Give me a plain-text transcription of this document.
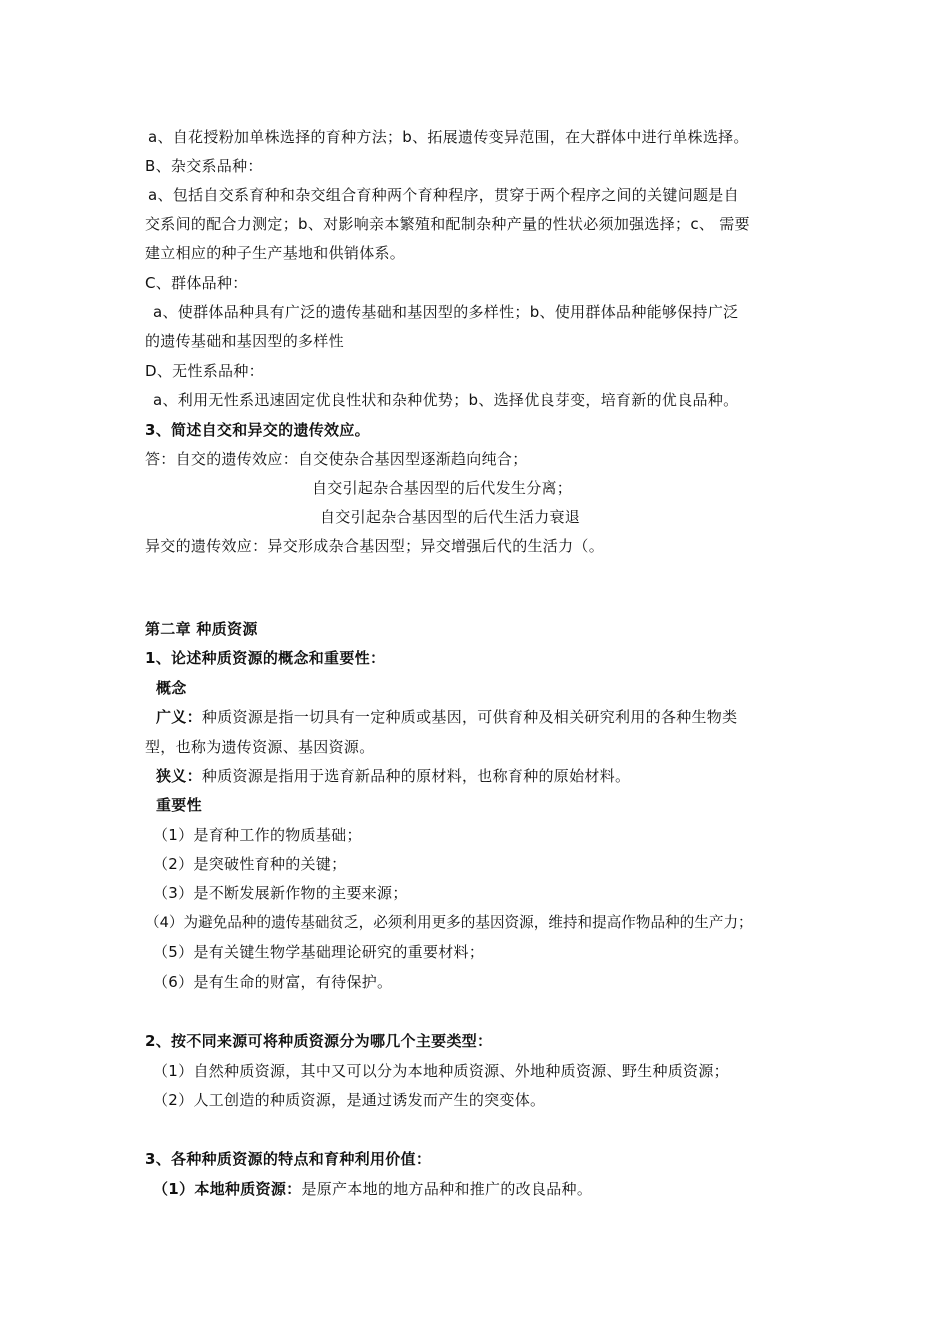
a、自花授粉加单株选择的育种方法；b、拓展遗传变异范围，在大群体中进行单株选择。
B、杂交系品种：
a、包括自交系育种和杂交组合育种两个育种程序，贯穿于两个程序之间的关键问题是自
交系间的配合力测定；b、对影响亲本繁殖和配制杂种产量的性状必须加强选择；c、 需要
建立相应的种子生产基地和供销体系。
C、群体品种：
a、使群体品种具有广泛的遗传基础和基因型的多样性；b、使用群体品种能够保持广泛
的遗传基础和基因型的多样性
D、无性系品种：
a、利用无性系迅速固定优良性状和杂种优势；b、选择优良芽变，培育新的优良品种。
3、简述自交和异交的遗传效应。
答：自交的遗传效应：自交使杂合基因型逐渐趋向纯合；
自交引起杂合基因型的后代发生分离；
自交引起杂合基因型的后代生活力衰退
异交的遗传效应：异交形成杂合基因型；异交增强后代的生活力（。
第二章 种质资源
1、论述种质资源的概念和重要性：
概念
广义：种质资源是指一切具有一定种质或基因，可供育种及相关研究利用的各种生物类
型，也称为遗传资源、基因资源。
狭义：种质资源是指用于选育新品种的原材料，也称育种的原始材料。
重要性
（1）是育种工作的物质基础；
（2）是突破性育种的关键；
（3）是不断发展新作物的主要来源；
（4）为避免品种的遗传基础贫乏，必须利用更多的基因资源，维持和提高作物品种的生产力；
（5）是有关键生物学基础理论研究的重要材料；
（6）是有生命的财富，有待保护。
2、按不同来源可将种质资源分为哪几个主要类型：
（1）自然种质资源，其中又可以分为本地种质资源、外地种质资源、野生种质资源；
（2）人工创造的种质资源，是通过诱发而产生的突变体。
3、各种种质资源的特点和育种利用价值：
（1）本地种质资源：是原产本地的地方品种和推广的改良品种。
